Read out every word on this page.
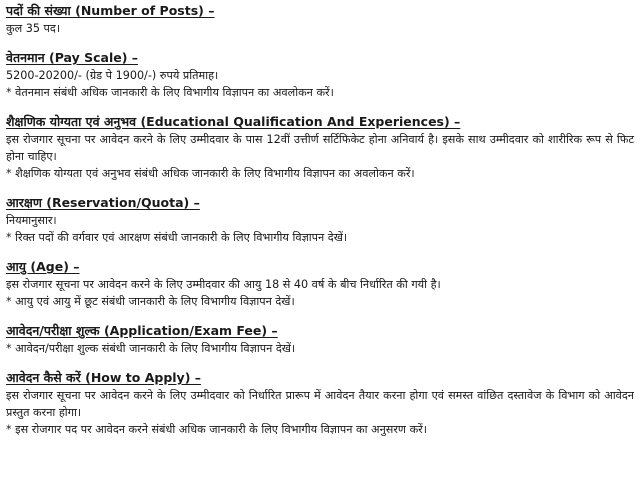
पदों की संख्या (Number of Posts) –

कुल 35 पद।

वेतनमान (Pay Scale) –

5200-20200/- (ग्रेड पे 1900/-) रुपये प्रतिमाह।

* वेतनमान संबंधी अधिक जानकारी के लिए विभागीय विज्ञापन का अवलोकन करें।

शैक्षणिक योग्यता एवं अनुभव (Educational Qualification And Experiences) –

इस रोजगार सूचना पर आवेदन करने के लिए उम्मीदवार के पास 12वीं उत्तीर्ण सर्टिफिकेट होना अनिवार्य है। इसके साथ उम्मीदवार को शारीरिक रूप से फिट होना चाहिए।

* शैक्षणिक योग्यता एवं अनुभव संबंधी अधिक जानकारी के लिए विभागीय विज्ञापन का अवलोकन करें।

आरक्षण (Reservation/Quota) –

नियमानुसार।

* रिक्त पदों की वर्गवार एवं आरक्षण संबंधी जानकारी के लिए विभागीय विज्ञापन देखें।

आयु (Age) –

इस रोजगार सूचना पर आवेदन करने के लिए उम्मीदवार की आयु 18 से 40 वर्ष के बीच निर्धारित की गयी है।

* आयु एवं आयु में छूट संबंधी जानकारी के लिए विभागीय विज्ञापन देखें।

आवेदन/परीक्षा शुल्क (Application/Exam Fee) –

* आवेदन/परीक्षा शुल्क संबंधी जानकारी के लिए विभागीय विज्ञापन देखें।

आवेदन कैसे करें (How to Apply) –

इस रोजगार सूचना पर आवेदन करने के लिए उम्मीदवार को निर्धारित प्रारूप में आवेदन तैयार करना होगा एवं समस्त वांछित दस्तावेज के विभाग को आवेदन प्रस्तुत करना होगा।

* इस रोजगार पद पर आवेदन करने संबंधी अधिक जानकारी के लिए विभागीय विज्ञापन का अनुसरण करें।
